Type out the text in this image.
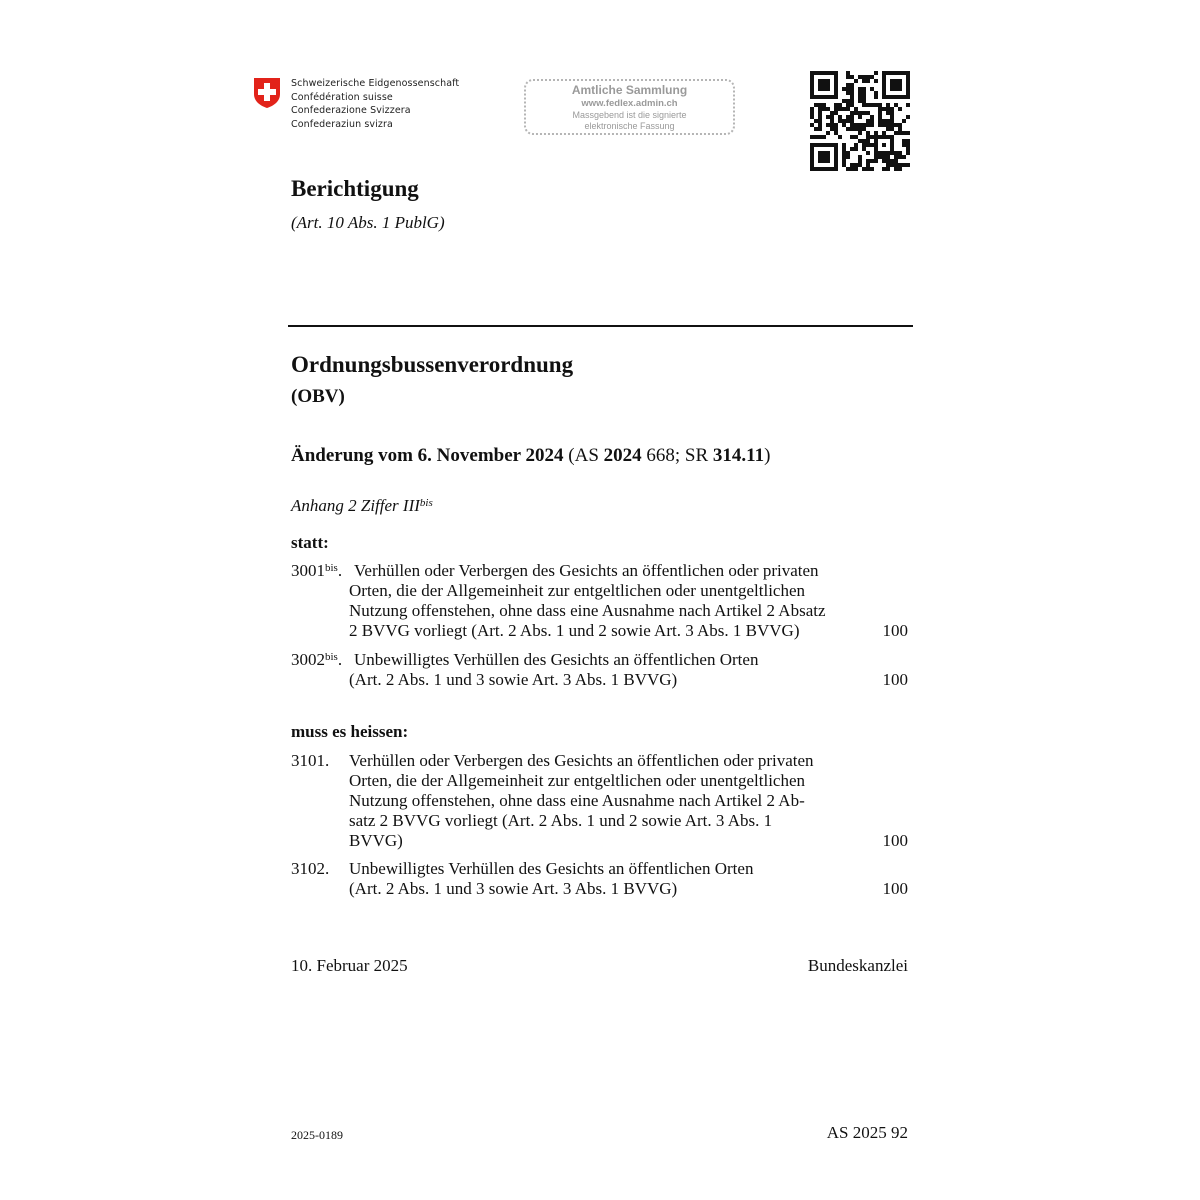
Schweizerische Eidgenossenschaft
Confédération suisse
Confederazione Svizzera
Confederaziun svizra
Amtliche Sammlung
www.fedlex.admin.ch
Massgebend ist die signierte
elektronische Fassung
Berichtigung
(Art. 10 Abs. 1 PublG)
Ordnungsbussenverordnung
(OBV)
Änderung vom 6. November 2024 (AS 2024 668; SR 314.11)
Anhang 2 Ziffer $III^{bis}$
statt:
$3001^{bis}$. Verhüllen oder Verbergen des Gesichts an öffentlichen oder privaten
Orten, die der Allgemeinheit zur entgeltlichen oder unentgeltlichen
Nutzung offenstehen, ohne dass eine Ausnahme nach Artikel 2 Absatz
2 BVVG vorliegt (Art. 2 Abs. 1 und 2 sowie Art. 3 Abs. 1 BVVG)	100
$3002^{bis}$. Unbewilligtes Verhüllen des Gesichts an öffentlichen Orten
(Art. 2 Abs. 1 und 3 sowie Art. 3 Abs. 1 BVVG)	100
muss es heissen:
3101. Verhüllen oder Verbergen des Gesichts an öffentlichen oder privaten
Orten, die der Allgemeinheit zur entgeltlichen oder unentgeltlichen
Nutzung offenstehen, ohne dass eine Ausnahme nach Artikel 2 Ab-
satz 2 BVVG vorliegt (Art. 2 Abs. 1 und 2 sowie Art. 3 Abs. 1
BVVG)	100
3102. Unbewilligtes Verhüllen des Gesichts an öffentlichen Orten
(Art. 2 Abs. 1 und 3 sowie Art. 3 Abs. 1 BVVG)	100
10. Februar 2025	Bundeskanzlei
2025-0189	AS 2025 92
